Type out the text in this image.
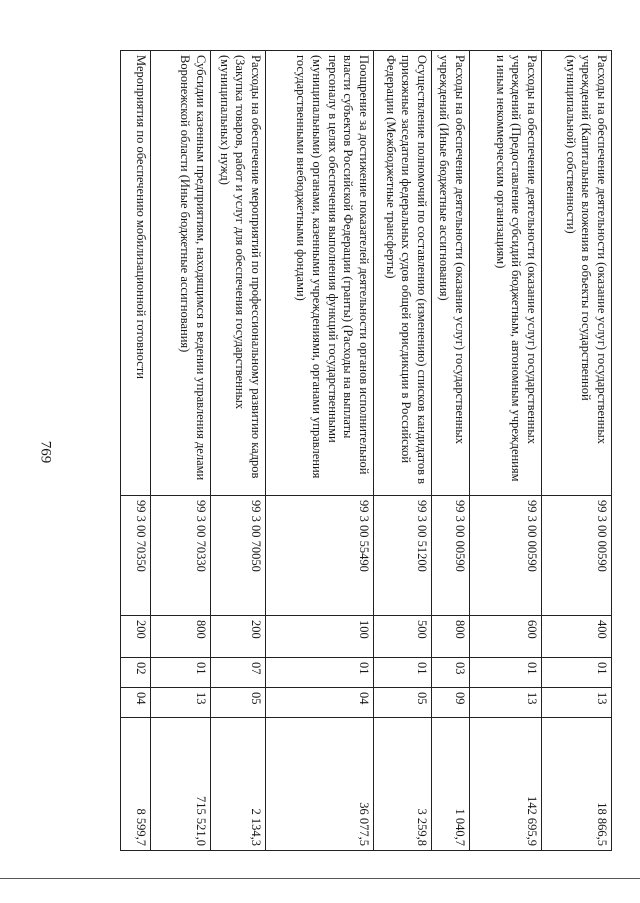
769
Расходы на обеспечение деятельности (оказание услуг) государственных учреждений (Капитальные вложения в объекты государственной (муниципальной) собственности)	99 3 00 00590	400	01	13	18 866,5
Расходы на обеспечение деятельности (оказание услуг) государственных учреждений (Предоставление субсидий бюджетным, автономным учреждениям и иным некоммерческим организациям)	99 3 00 00590	600	01	13	142 695,9
Расходы на обеспечение деятельности (оказание услуг) государственных учреждений (Иные бюджетные ассигнования)	99 3 00 00590	800	03	09	1 040,7
Осуществление полномочий по составлению (изменению) списков кандидатов в присяжные заседатели федеральных судов общей юрисдикции в Российской Федерации (Межбюджетные трансферты)	99 3 00 51200	500	01	05	3 259,8
Поощрение за достижение показателей деятельности органов исполнительной власти субъектов Российской Федерации (гранты) (Расходы на выплаты персоналу в целях обеспечения выполнения функций государственными (муниципальными) органами, казенными учреждениями, органами управления государственными внебюджетными фондами)	99 3 00 55490	100	01	04	36 077,5
Расходы на обеспечение мероприятий по профессиональному развитию кадров (Закупка товаров, работ и услуг для обеспечения государственных (муниципальных) нужд)	99 3 00 70050	200	07	05	2 134,3
Субсидии казенным предприятиям, находящимся в ведении управления делами Воронежской области (Иные бюджетные ассигнования)	99 3 00 70330	800	01	13	715 521,0
Мероприятия по обеспечению мобилизационной готовности	99 3 00 70350	200	02	04	8 599,7
